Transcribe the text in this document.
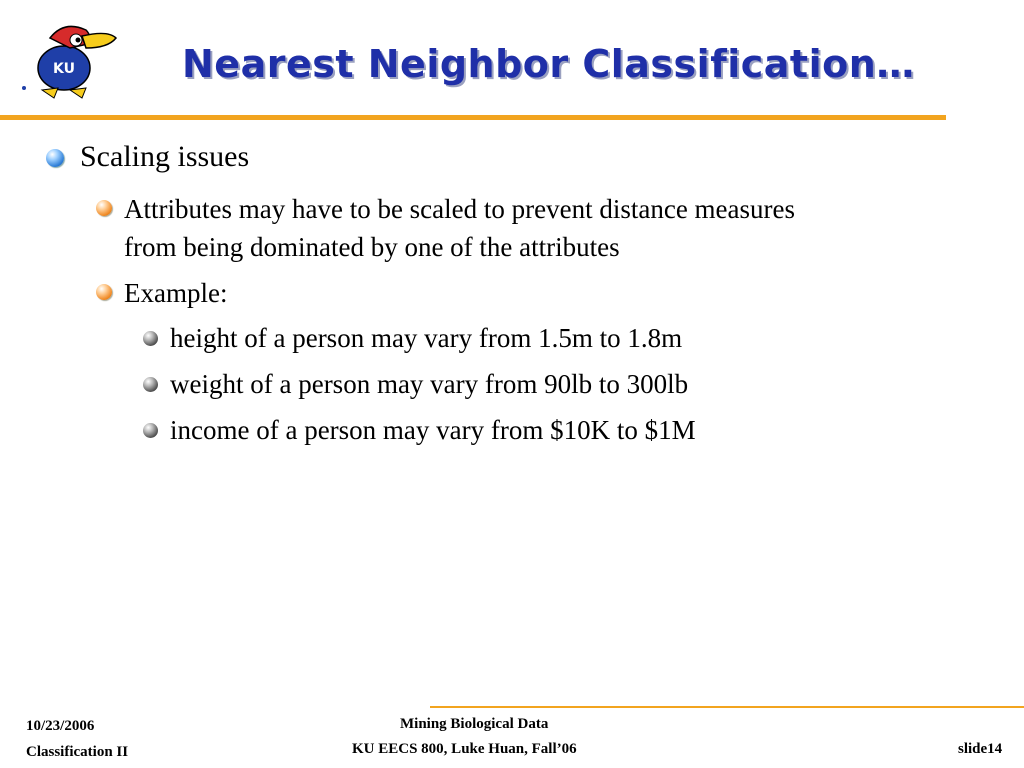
KU	Nearest Neighbor Classification…
Scaling issues
Attributes may have to be scaled to prevent distance measures
from being dominated by one of the attributes
Example:
height of a person may vary from 1.5m to 1.8m
weight of a person may vary from 90lb to 300lb
income of a person may vary from $10K to $1M
10/23/2006
Classification II
Mining Biological Data
KU EECS 800, Luke Huan, Fall’06	slide14
